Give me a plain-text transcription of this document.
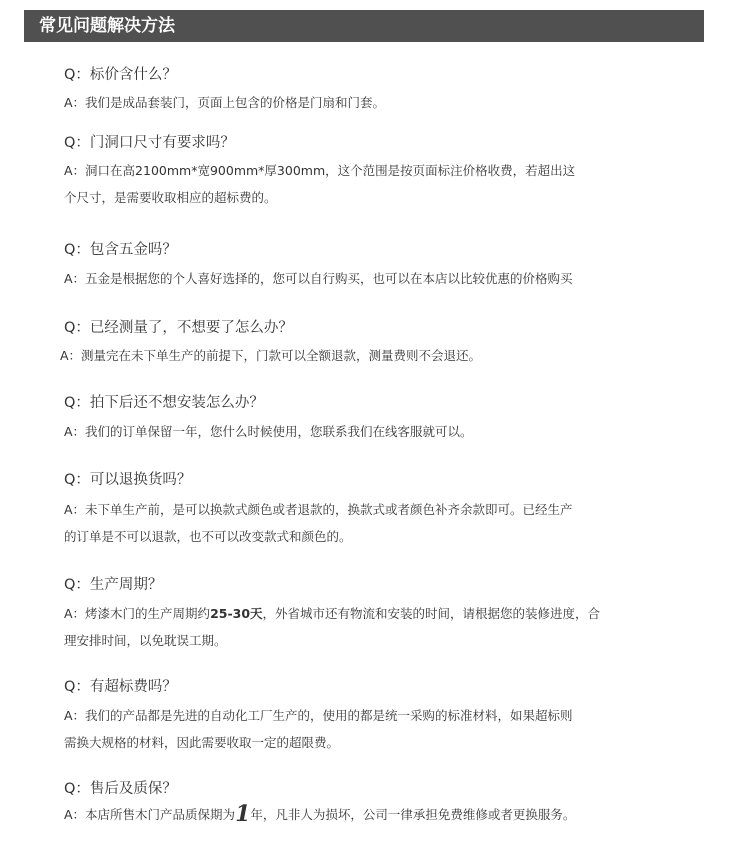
常见问题解决方法
Q：标价含什么？
A：我们是成品套装门，页面上包含的价格是门扇和门套。
Q：门洞口尺寸有要求吗？
A：洞口在高2100mm*宽900mm*厚300mm，这个范围是按页面标注价格收费，若超出这
个尺寸，是需要收取相应的超标费的。
Q：包含五金吗？
A：五金是根据您的个人喜好选择的，您可以自行购买，也可以在本店以比较优惠的价格购买
Q：已经测量了，不想要了怎么办？
A：测量完在未下单生产的前提下，门款可以全额退款，测量费则不会退还。
Q：拍下后还不想安装怎么办？
A：我们的订单保留一年，您什么时候使用，您联系我们在线客服就可以。
Q：可以退换货吗？
A：未下单生产前，是可以换款式颜色或者退款的，换款式或者颜色补齐余款即可。已经生产
的订单是不可以退款，也不可以改变款式和颜色的。
Q：生产周期？
A：烤漆木门的生产周期约25-30天，外省城市还有物流和安装的时间，请根据您的装修进度，合
理安排时间，以免耽误工期。
Q：有超标费吗？
A：我们的产品都是先进的自动化工厂生产的，使用的都是统一采购的标准材料，如果超标则
需换大规格的材料，因此需要收取一定的超限费。
Q：售后及质保？
A：本店所售木门产品质保期为1年，凡非人为损坏，公司一律承担免费维修或者更换服务。
